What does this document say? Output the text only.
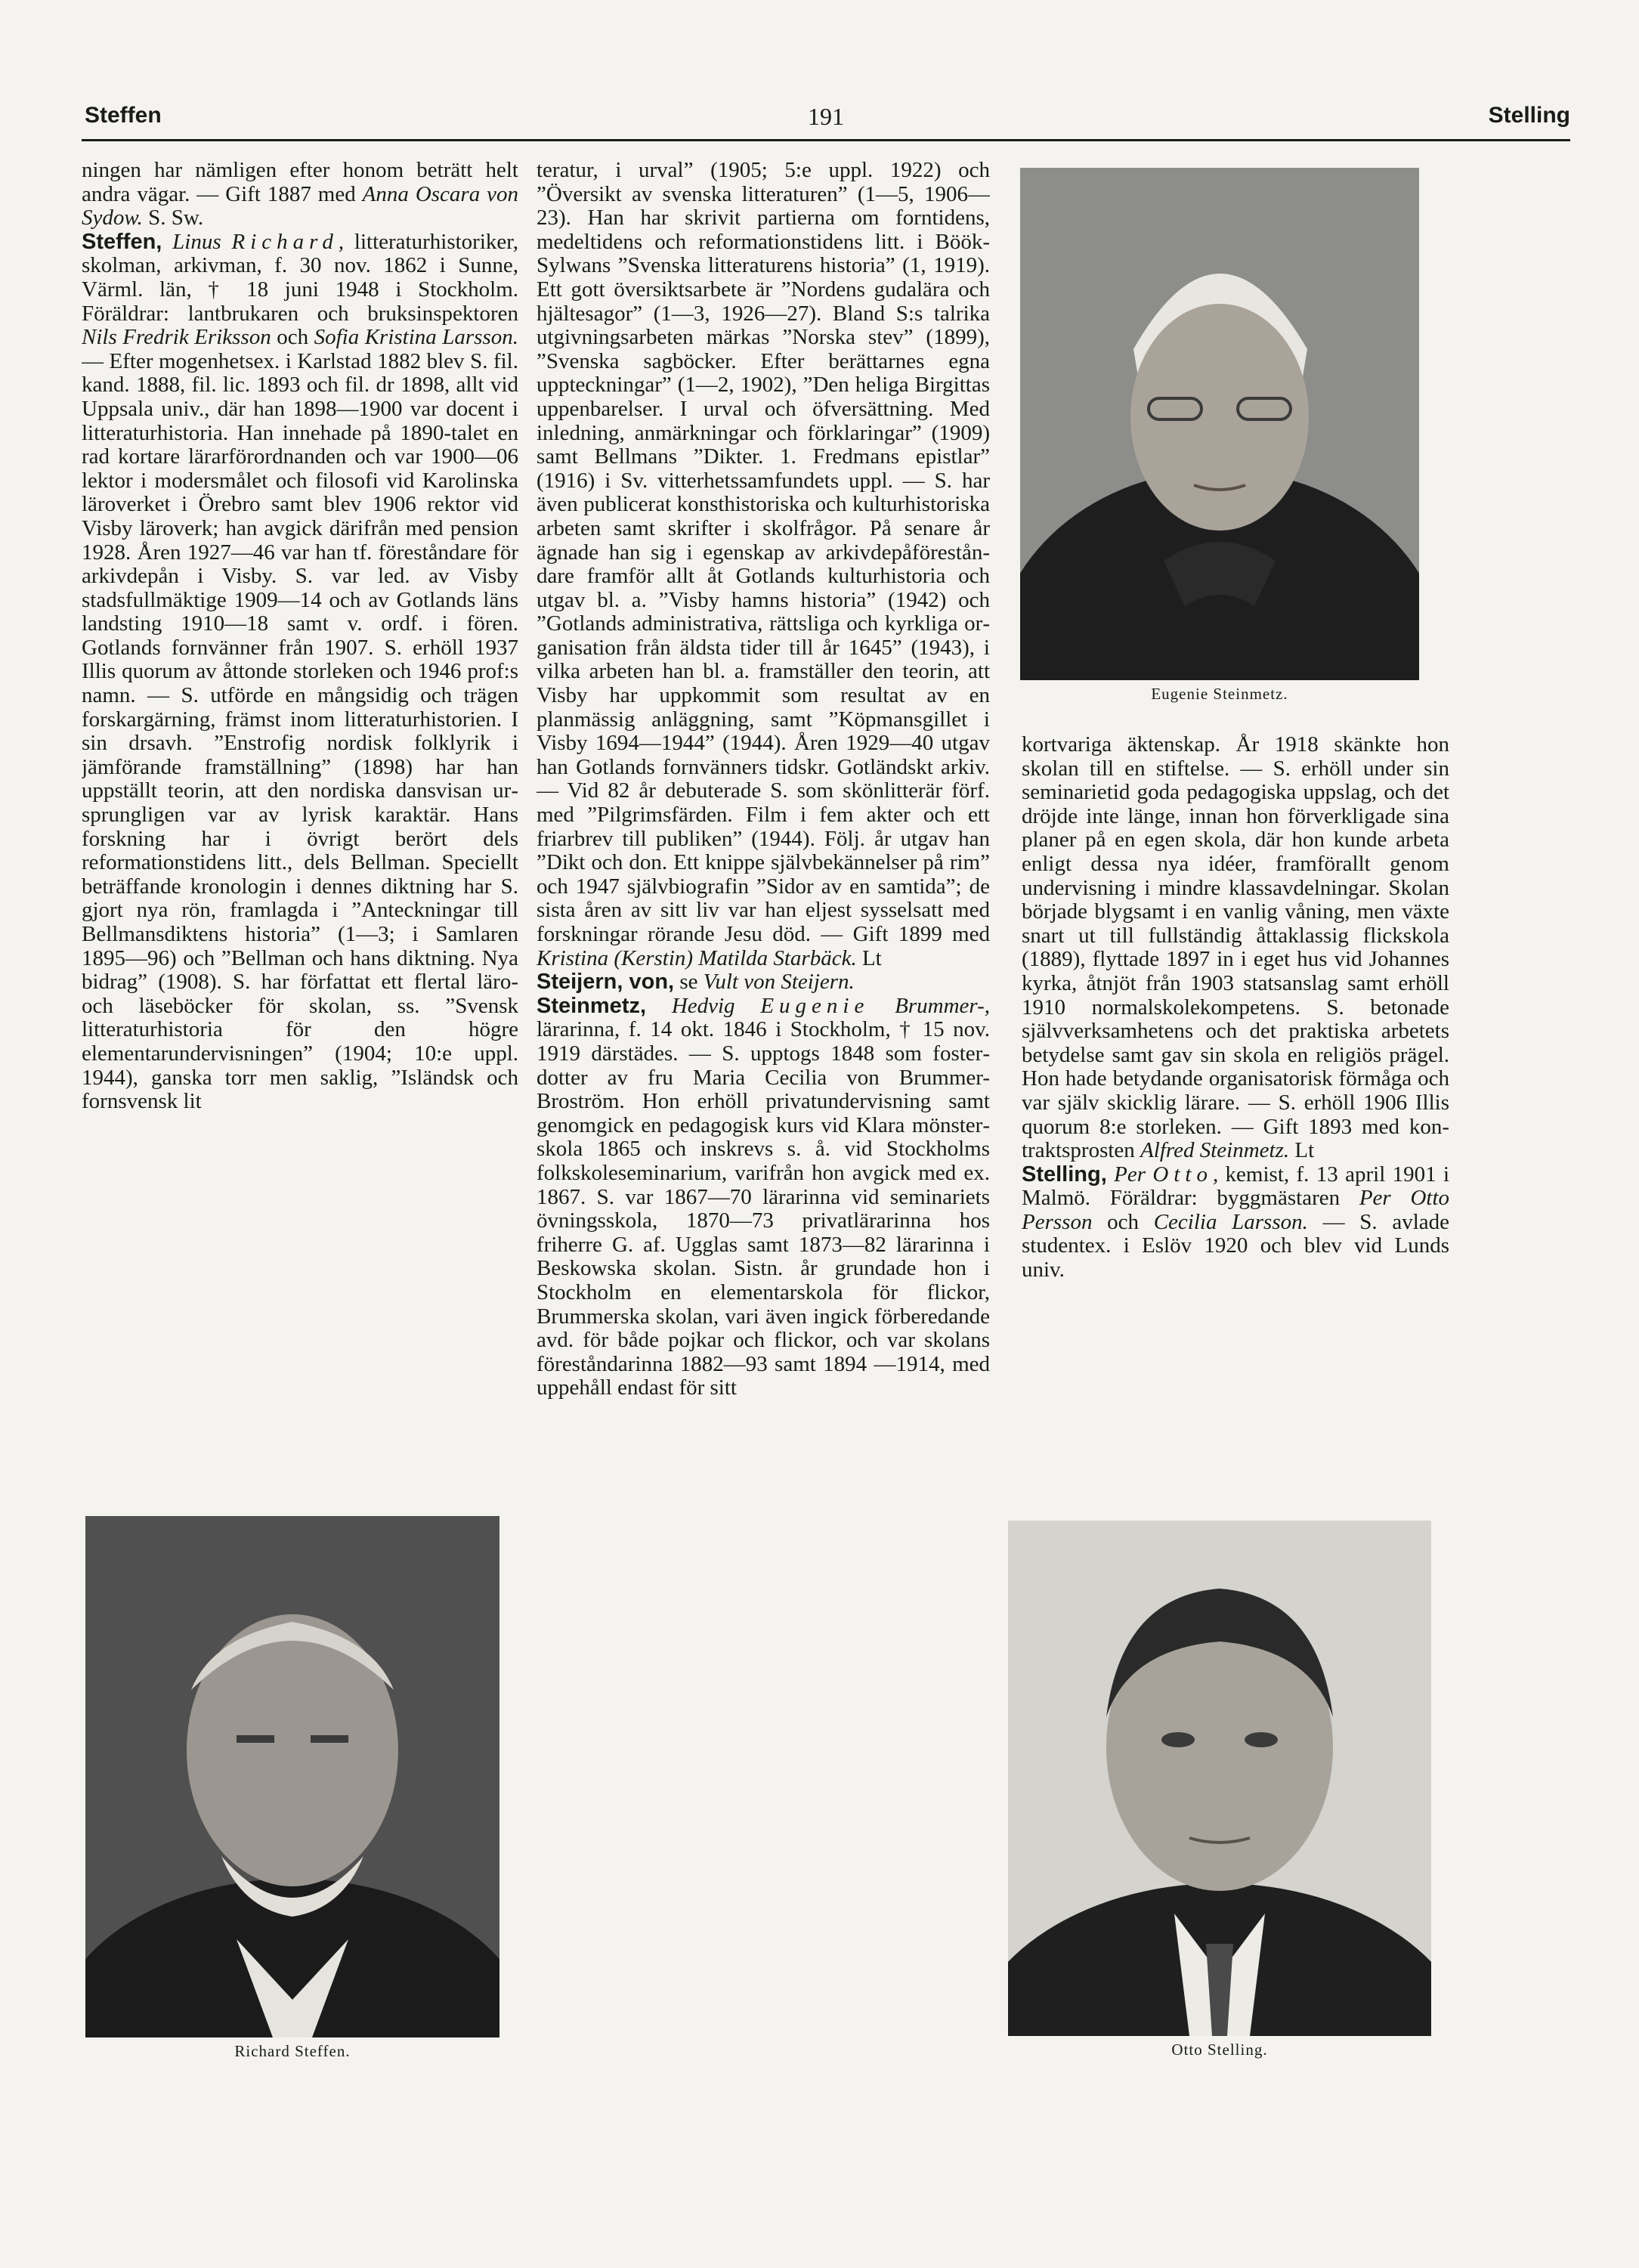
Steffen	191	Stelling

ningen har nämligen efter honom beträtt helt andra vägar. — Gift 1887 med Anna Oscara von Sydow. S. Sw.

Steffen, Linus Richard, litteraturhistoriker, skolman, arkivman, f. 30 nov. 1862 i Sunne, Värml. län, † 18 juni 1948 i Stockholm. Föräldrar: lantbrukaren och bruksinspektoren Nils Fredrik Eriksson och Sofia Kristina Larsson. — Efter mogenhetsex. i Karlstad 1882 blev S. fil. kand. 1888, fil. lic. 1893 och fil. dr 1898, allt vid Uppsala univ., där han 1898—1900 var docent i litteraturhistoria. Han innehade på 1890-talet en rad kortare lärarförordnanden och var 1900—06 lektor i modersmålet och filosofi vid Karolinska läroverket i Örebro samt blev 1906 rektor vid Visby läroverk; han avgick därifrån med pension 1928. Åren 1927—46 var han tf. föreståndare för arkivdepån i Visby. S. var led. av Visby stadsfullmäktige 1909—14 och av Gotlands läns landsting 1910—18 samt v. ordf. i fören. Gotlands fornvänner från 1907. S. erhöll 1937 Illis quorum av åttonde storleken och 1946 prof:s namn. — S. utförde en mångsidig och trägen forskargärning, främst inom litteraturhistorien. I sin drsavh. ”Enstrofig nordisk folklyrik i jämförande framställning” (1898) har han uppställt teorin, att den nordiska dansvisan ursprungligen var av lyrisk karaktär. Hans forskning har i övrigt berört dels reformationstidens litt., dels Bellman. Speciellt beträffande kronologin i dennes diktning har S. gjort nya rön, framlagda i ”Anteckningar till Bellmansdiktens historia” (1—3; i Samlaren 1895—96) och ”Bellman och hans diktning. Nya bidrag” (1908). S. har författat ett flertal läro- och läseböcker för skolan, ss. ”Svensk litteraturhistoria för den högre elementarundervisningen” (1904; 10:e uppl. 1944), ganska torr men saklig, ”Isländsk och fornsvensk lit

teratur, i urval” (1905; 5:e uppl. 1922) och ”Översikt av svenska litteraturen” (1—5, 1906—23). Han har skrivit partierna om forntidens, medeltidens och reformationstidens litt. i Böök-Sylwans ”Svenska litteraturens historia” (1, 1919). Ett gott översiktsarbete är ”Nordens gudalära och hjältesagor” (1—3, 1926—27). Bland S:s talrika utgivningsarbeten märkas ”Norska stev” (1899), ”Svenska sagböcker. Efter berättarnes egna uppteckningar” (1—2, 1902), ”Den heliga Birgittas uppenbarelser. I urval och öfversättning. Med inledning, anmärkningar och förklaringar” (1909) samt Bellmans ”Dikter. 1. Fredmans epistlar” (1916) i Sv. vitterhetssamfundets uppl. — S. har även publicerat konsthistoriska och kulturhistoriska arbeten samt skrifter i skolfrågor. På senare år ägnade han sig i egenskap av arkivdepåföreståndare framför allt åt Gotlands kulturhistoria och utgav bl. a. ”Visby hamns historia” (1942) och ”Gotlands administrativa, rättsliga och kyrkliga organisation från äldsta tider till år 1645” (1943), i vilka arbeten han bl. a. framställer den teorin, att Visby har uppkommit som resultat av en planmässig anläggning, samt ”Köpmansgillet i Visby 1694—1944” (1944). Åren 1929—40 utgav han Gotlands fornvänners tidskr. Gotländskt arkiv. — Vid 82 år debuterade S. som skönlitterär förf. med ”Pilgrimsfärden. Film i fem akter och ett friarbrev till publiken” (1944). Följ. år utgav han ”Dikt och don. Ett knippe självbekännelser på rim” och 1947 självbiografin ”Sidor av en samtida”; de sista åren av sitt liv var han eljest sysselsatt med forskningar rörande Jesu död. — Gift 1899 med Kristina (Kerstin) Matilda Starbäck. Lt

Steijern, von, se Vult von Steijern.

Steinmetz, Hedvig Eugenie Brummer-, lärarinna, f. 14 okt. 1846 i Stockholm, † 15 nov. 1919 därstädes. — S. upptogs 1848 som fosterdotter av fru Maria Cecilia von Brummer-Broström. Hon erhöll privatundervisning samt genomgick en pedagogisk kurs vid Klara mönsterskola 1865 och inskrevs s. å. vid Stockholms folkskoleseminarium, varifrån hon avgick med ex. 1867. S. var 1867—70 lärarinna vid seminariets övningsskola, 1870—73 privatlärarinna hos friherre G. af. Ugglas samt 1873—82 lärarinna i Beskowska skolan. Sistn. år grundade hon i Stockholm en elementarskola för flickor, Brummerska skolan, vari även ingick förberedande avd. för både pojkar och flickor, och var skolans föreståndarinna 1882—93 samt 1894 —1914, med uppehåll endast för sitt

kortvariga äktenskap. År 1918 skänkte hon skolan till en stiftelse. — S. erhöll under sin seminarietid goda pedagogiska uppslag, och det dröjde inte länge, innan hon förverkligade sina planer på en egen skola, där hon kunde arbeta enligt dessa nya idéer, framförallt genom undervisning i mindre klassavdelningar. Skolan började blygsamt i en vanlig våning, men växte snart ut till fullständig åttaklassig flickskola (1889), flyttade 1897 in i eget hus vid Johannes kyrka, åtnjöt från 1903 statsanslag samt erhöll 1910 normalskolekompetens. S. betonade självverksamhetens och det praktiska arbetets betydelse samt gav sin skola en religiös prägel. Hon hade betydande organisatorisk förmåga och var själv skicklig lärare. — S. erhöll 1906 Illis quorum 8:e storleken. — Gift 1893 med kontraktsprosten Alfred Steinmetz. Lt

Stelling, Per Otto, kemist, f. 13 april 1901 i Malmö. Föräldrar: byggmästaren Per Otto Persson och Cecilia Larsson. — S. avlade studentex. i Eslöv 1920 och blev vid Lunds univ.

Eugenie Steinmetz.
Richard Steffen.	Otto Stelling.
